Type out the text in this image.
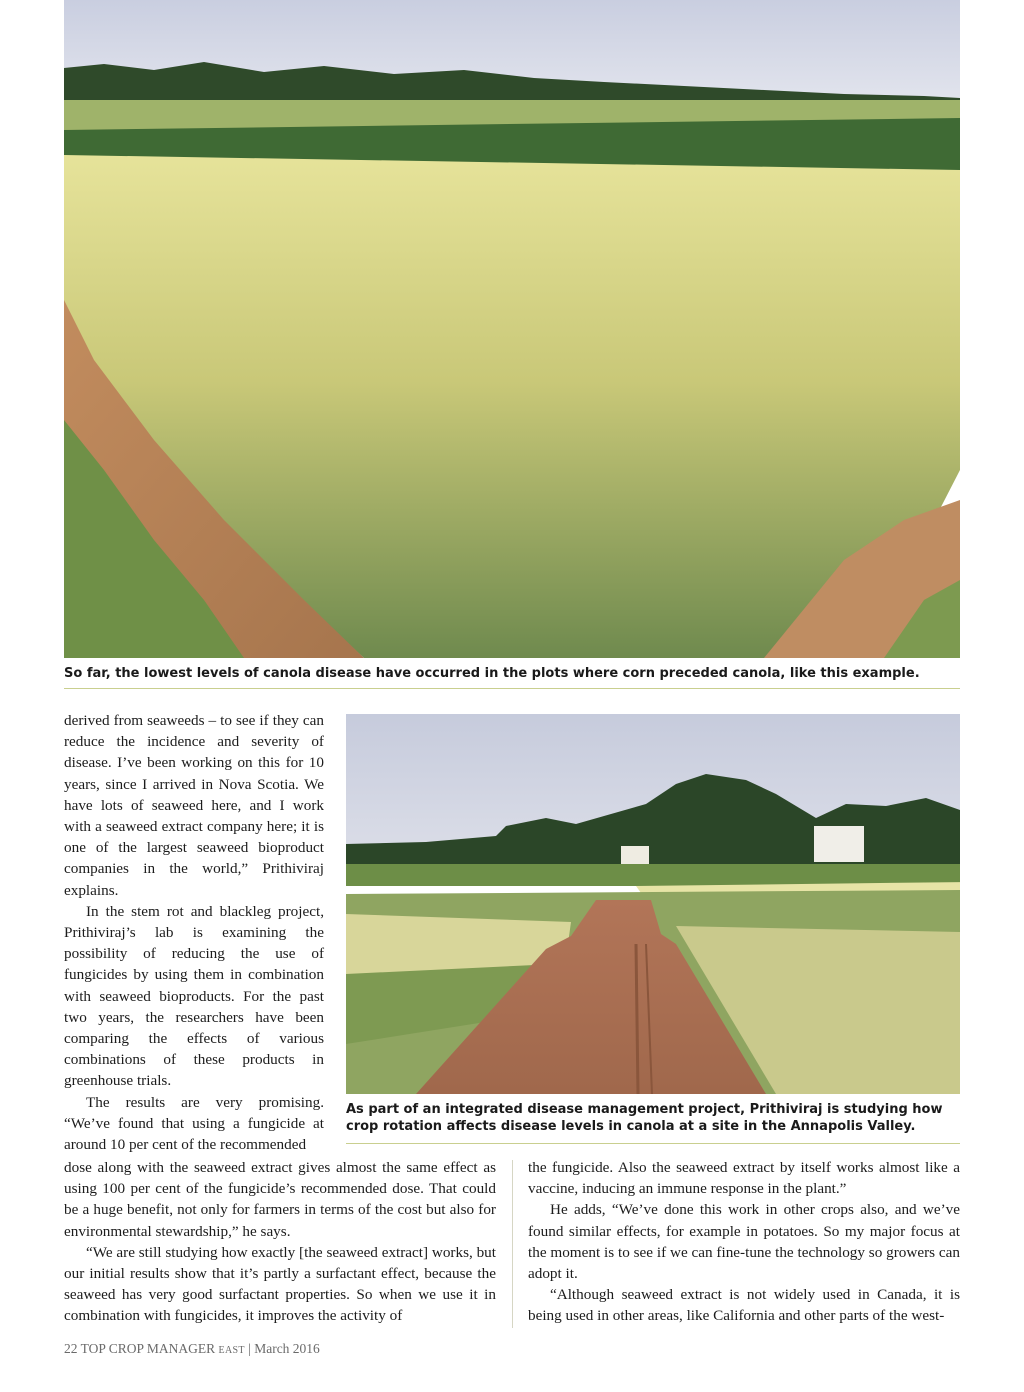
So far, the lowest levels of canola disease have occurred in the plots where corn preceded canola, like this example.

As part of an integrated disease management project, Prithiviraj is studying how crop rotation affects disease levels in canola at a site in the Annapolis Valley.

derived from seaweeds – to see if they can reduce the incidence and severity of disease. I’ve been working on this for 10 years, since I arrived in Nova Scotia. We have lots of seaweed here, and I work with a seaweed extract company here; it is one of the largest seaweed bioproduct companies in the world,” Prithiviraj explains.

In the stem rot and blackleg project, Prithiviraj’s lab is examining the possibility of reducing the use of fungicides by using them in combination with seaweed bioproducts. For the past two years, the researchers have been comparing the effects of various combinations of these products in greenhouse trials.

The results are very promising. “We’ve found that using a fungicide at around 10 per cent of the recommended

dose along with the seaweed extract gives almost the same effect as using 100 per cent of the fungicide’s recommended dose. That could be a huge benefit, not only for farmers in terms of the cost but also for environmental stewardship,” he says.

“We are still studying how exactly [the seaweed extract] works, but our initial results show that it’s partly a surfactant effect, because the seaweed has very good surfactant properties. So when we use it in combination with fungicides, it improves the activity of

the fungicide. Also the seaweed extract by itself works almost like a vaccine, inducing an immune response in the plant.”

He adds, “We’ve done this work in other crops also, and we’ve found similar effects, for example in potatoes. So my major focus at the moment is to see if we can fine-tune the technology so growers can adopt it.

“Although seaweed extract is not widely used in Canada, it is being used in other areas, like California and other parts of the west-

22 TOP CROP MANAGER EAST | March 2016
